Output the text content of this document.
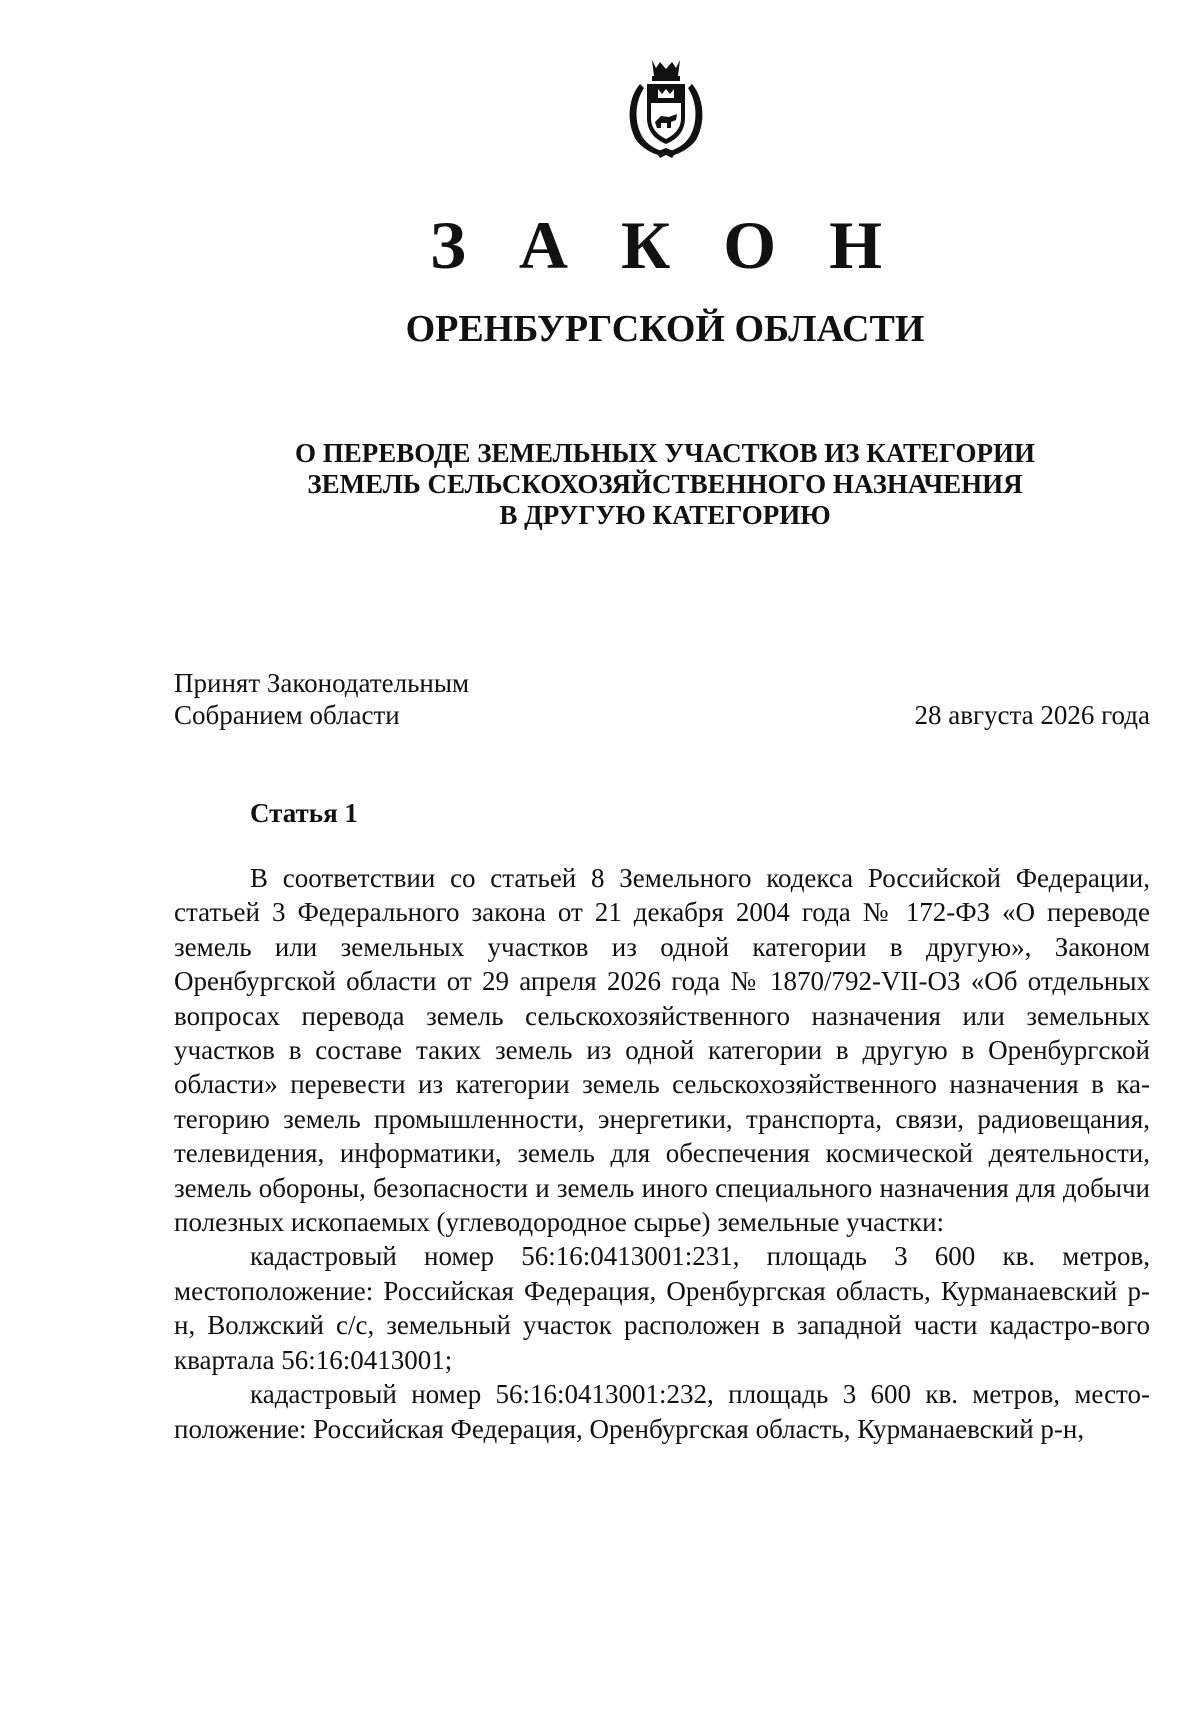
З А К О Н
ОРЕНБУРГСКОЙ ОБЛАСТИ
О ПЕРЕВОДЕ ЗЕМЕЛЬНЫХ УЧАСТКОВ ИЗ КАТЕГОРИИ
ЗЕМЕЛЬ СЕЛЬСКОХОЗЯЙСТВЕННОГО НАЗНАЧЕНИЯ
В ДРУГУЮ КАТЕГОРИЮ
Принят Законодательным
Собранием области	28 августа 2026 года
Статья 1

В соответствии со статьей 8 Земельного кодекса Российской Федерации, статьей 3 Федерального закона от 21 декабря 2004 года № 172-ФЗ «О переводе земель или земельных участков из одной категории в другую», Законом Оренбургской области от 29 апреля 2026 года № 1870/792-VII-ОЗ «Об отдельных вопросах перевода земель сельскохозяйственного назначения или земельных участков в составе таких земель из одной категории в другую в Оренбургской области» перевести из категории земель сельскохозяйственного назначения в ка-тегорию земель промышленности, энергетики, транспорта, связи, радиовещания, телевидения, информатики, земель для обеспечения космической деятельности, земель обороны, безопасности и земель иного специального назначения для добычи полезных ископаемых (углеводородное сырье) земельные участки:

кадастровый номер 56:16:0413001:231, площадь 3 600 кв. метров, местоположение: Российская Федерация, Оренбургская область, Курманаевский р-н, Волжский с/с, земельный участок расположен в западной части кадастро-вого квартала 56:16:0413001;

кадастровый номер 56:16:0413001:232, площадь 3 600 кв. метров, место-положение: Российская Федерация, Оренбургская область, Курманаевский р-н,
